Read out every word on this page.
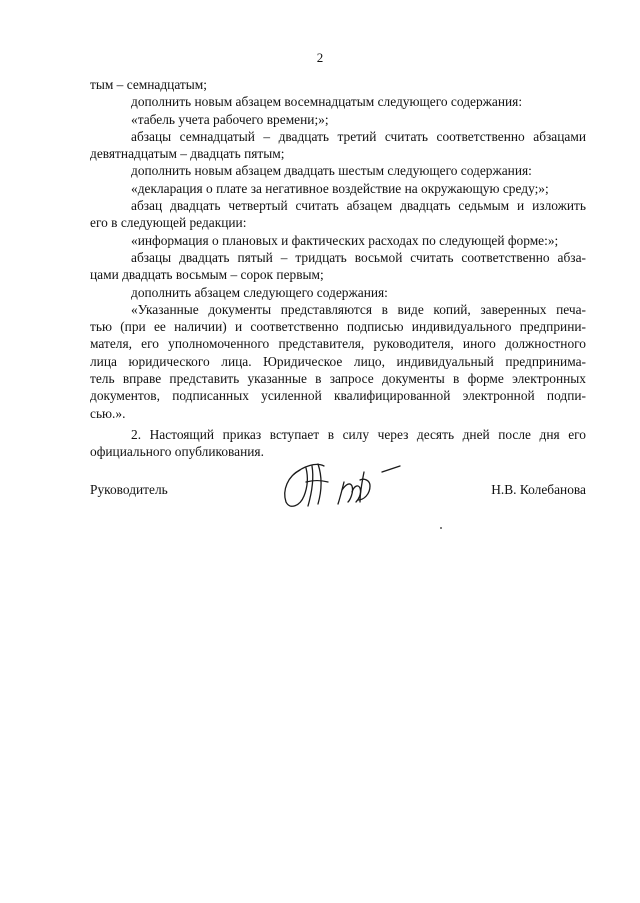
2
тым – семнадцатым;
дополнить новым абзацем восемнадцатым следующего содержания:
«табель учета рабочего времени;»;
абзацы семнадцатый – двадцать третий считать соответственно абзацами
девятнадцатым – двадцать пятым;
дополнить новым абзацем двадцать шестым следующего содержания:
«декларация о плате за негативное воздействие на окружающую среду;»;
абзац двадцать четвертый считать абзацем двадцать седьмым и изложить
его в следующей редакции:
«информация о плановых и фактических расходах по следующей форме:»;
абзацы двадцать пятый – тридцать восьмой считать соответственно абза-
цами двадцать восьмым – сорок первым;
дополнить абзацем следующего содержания:
«Указанные документы представляются в виде копий, заверенных печа-
тью (при ее наличии) и соответственно подписью индивидуального предприни-
мателя, его уполномоченного представителя, руководителя, иного должностного
лица юридического лица. Юридическое лицо, индивидуальный предпринима-
тель вправе представить указанные в запросе документы в форме электронных
документов, подписанных усиленной квалифицированной электронной подпи-
сью.».
2. Настоящий приказ вступает в силу через десять дней после дня его
официального опубликования.
Руководитель	Н.В. Колебанова
